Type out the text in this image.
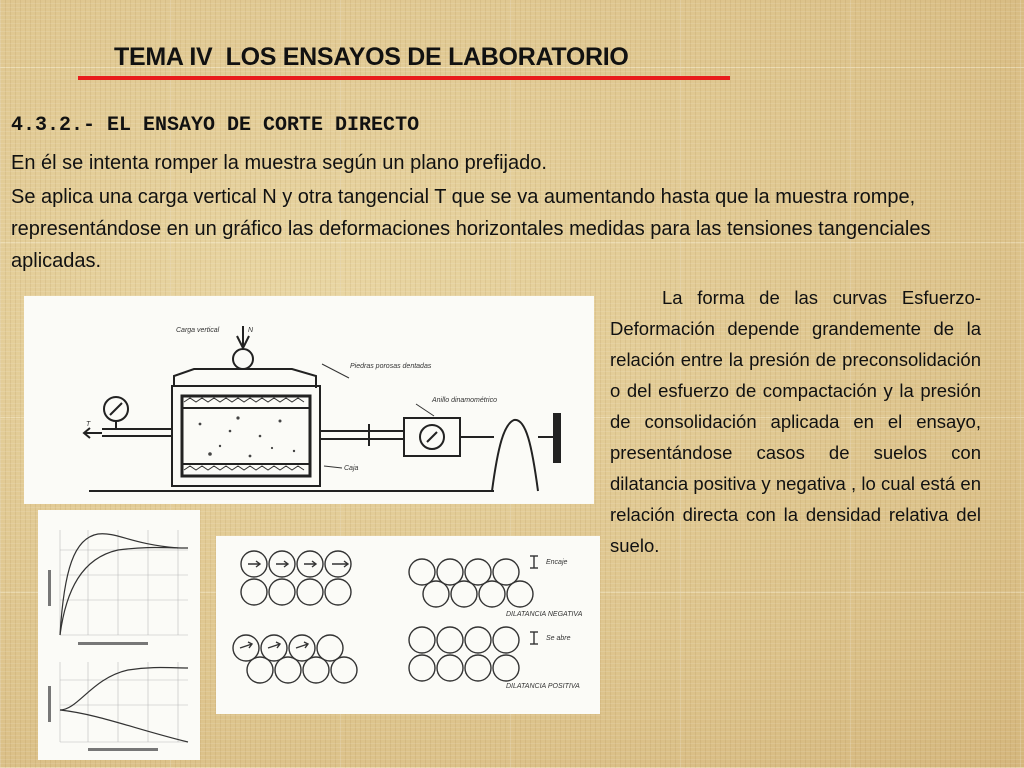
TEMA IV  LOS ENSAYOS DE LABORATORIO
4.3.2.- EL ENSAYO DE CORTE DIRECTO
En él se intenta romper la muestra según un plano prefijado.
Se aplica una carga vertical N y otra tangencial T que se va aumentando hasta que la muestra rompe, representándose en un gráfico las deformaciones horizontales medidas para las tensiones tangenciales aplicadas.
La forma de las curvas Esfuerzo-Deformación depende grandemente de la relación entre la presión de preconsolidación o del esfuerzo de compactación y la presión de consolidación aplicada en el ensayo, presentándose casos de suelos con dilatancia positiva y negativa , lo cual está en relación directa con la densidad relativa del suelo.
Carga vertical	N
Piedras porosas dentadas
Anillo dinamométrico
Caja
T
Encaje
DILATANCIA NEGATIVA
Se abre
DILATANCIA POSITIVA
